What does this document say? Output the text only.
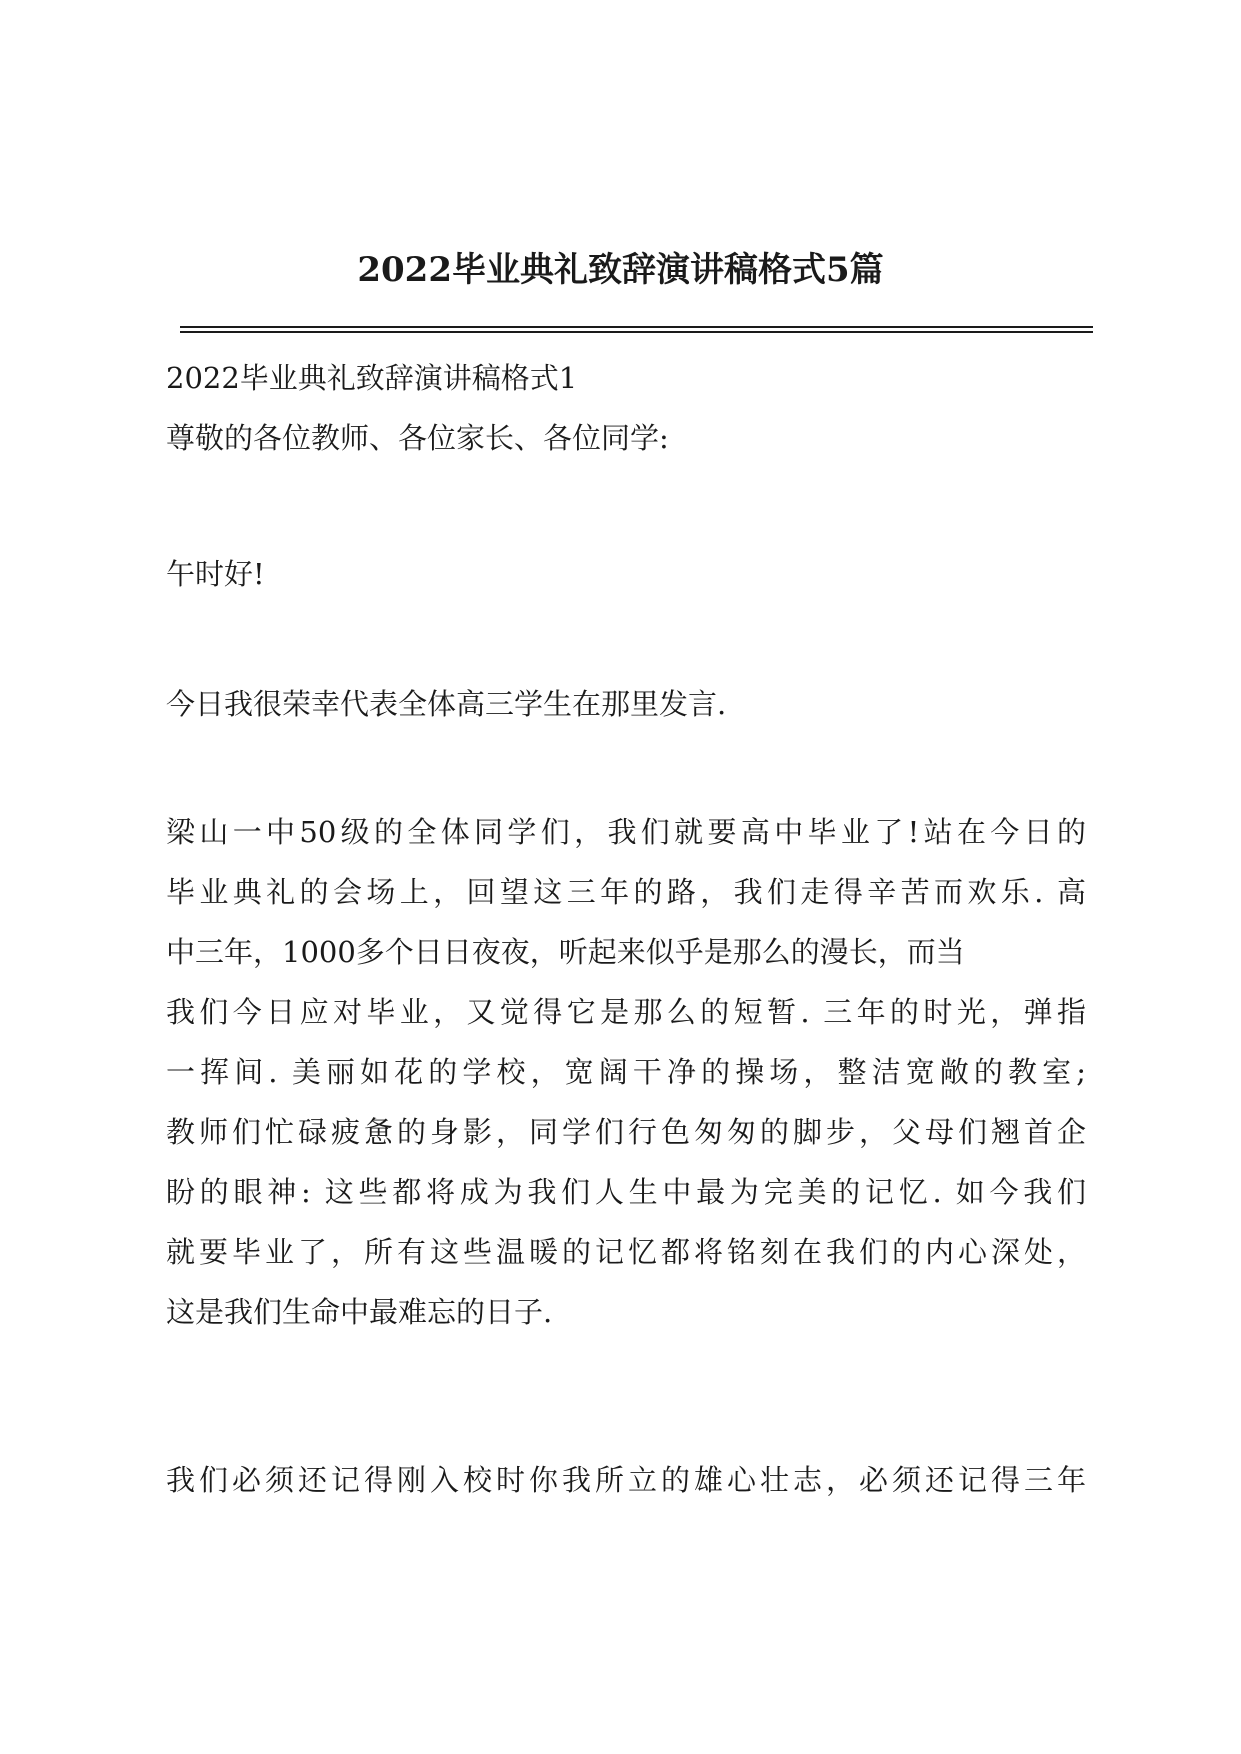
2022毕业典礼致辞演讲稿格式5篇

2022毕业典礼致辞演讲稿格式1

尊敬的各位教师、各位家长、各位同学:

午时好!

今日我很荣幸代表全体高三学生在那里发言.

梁山一中50级的全体同学们，我们就要高中毕业了!站在今日的

毕业典礼的会场上，回望这三年的路，我们走得辛苦而欢乐. 高

中三年，1000多个日日夜夜，听起来似乎是那么的漫长，而当

我们今日应对毕业，又觉得它是那么的短暂. 三年的时光，弹指

一挥间. 美丽如花的学校，宽阔干净的操场，整洁宽敞的教室;

教师们忙碌疲惫的身影，同学们行色匆匆的脚步，父母们翘首企

盼的眼神: 这些都将成为我们人生中最为完美的记忆. 如今我们

就要毕业了，所有这些温暖的记忆都将铭刻在我们的内心深处，

这是我们生命中最难忘的日子.

我们必须还记得刚入校时你我所立的雄心壮志，必须还记得三年
